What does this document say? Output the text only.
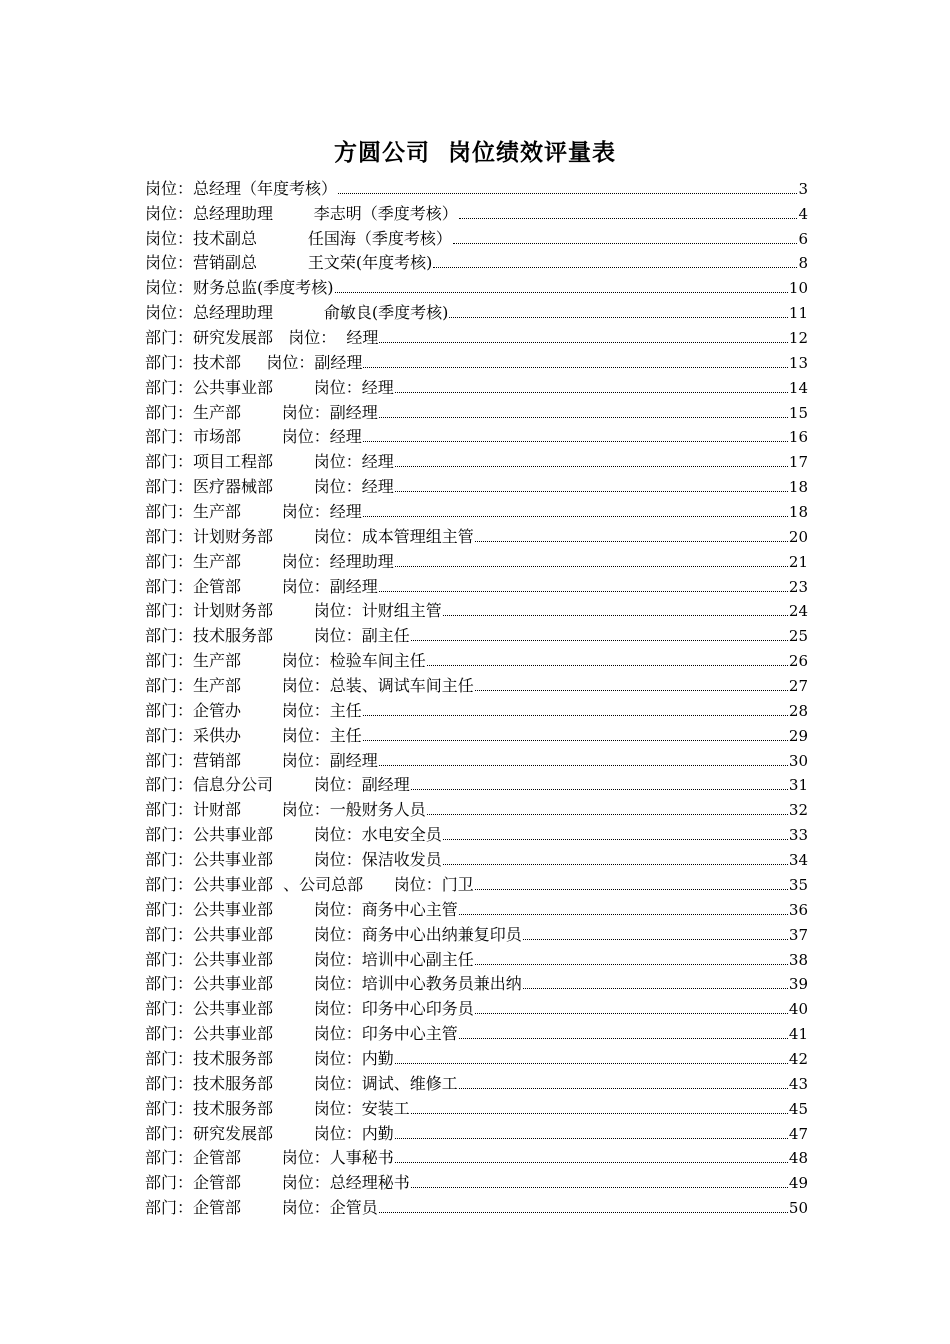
方圆公司  岗位绩效评量表
岗位：总经理（年度考核）	3
岗位：总经理助理        李志明（季度考核）	4
岗位：技术副总          任国海（季度考核）	6
岗位：营销副总          王文荣(年度考核)	8
岗位：财务总监(季度考核)	10
岗位：总经理助理          俞敏良(季度考核)	11
部门：研究发展部   岗位：  经理	12
部门：技术部     岗位：副经理	13
部门：公共事业部        岗位：经理	14
部门：生产部        岗位：副经理	15
部门：市场部        岗位：经理	16
部门：项目工程部        岗位：经理	17
部门：医疗器械部        岗位：经理	18
部门：生产部        岗位：经理	18
部门：计划财务部        岗位：成本管理组主管	20
部门：生产部        岗位：经理助理	21
部门：企管部        岗位：副经理	23
部门：计划财务部        岗位：计财组主管	24
部门：技术服务部        岗位：副主任	25
部门：生产部        岗位：检验车间主任	26
部门：生产部        岗位：总装、调试车间主任	27
部门：企管办        岗位：主任	28
部门：采供办        岗位：主任	29
部门：营销部        岗位：副经理	30
部门：信息分公司        岗位：副经理	31
部门：计财部        岗位：一般财务人员	32
部门：公共事业部        岗位：水电安全员	33
部门：公共事业部        岗位：保洁收发员	34
部门：公共事业部  、公司总部      岗位：门卫	35
部门：公共事业部        岗位：商务中心主管	36
部门：公共事业部        岗位：商务中心出纳兼复印员	37
部门：公共事业部        岗位：培训中心副主任	38
部门：公共事业部        岗位：培训中心教务员兼出纳	39
部门：公共事业部        岗位：印务中心印务员	40
部门：公共事业部        岗位：印务中心主管	41
部门：技术服务部        岗位：内勤	42
部门：技术服务部        岗位：调试、维修工	43
部门：技术服务部        岗位：安装工	45
部门：研究发展部        岗位：内勤	47
部门：企管部        岗位：人事秘书	48
部门：企管部        岗位：总经理秘书	49
部门：企管部        岗位：企管员	50
